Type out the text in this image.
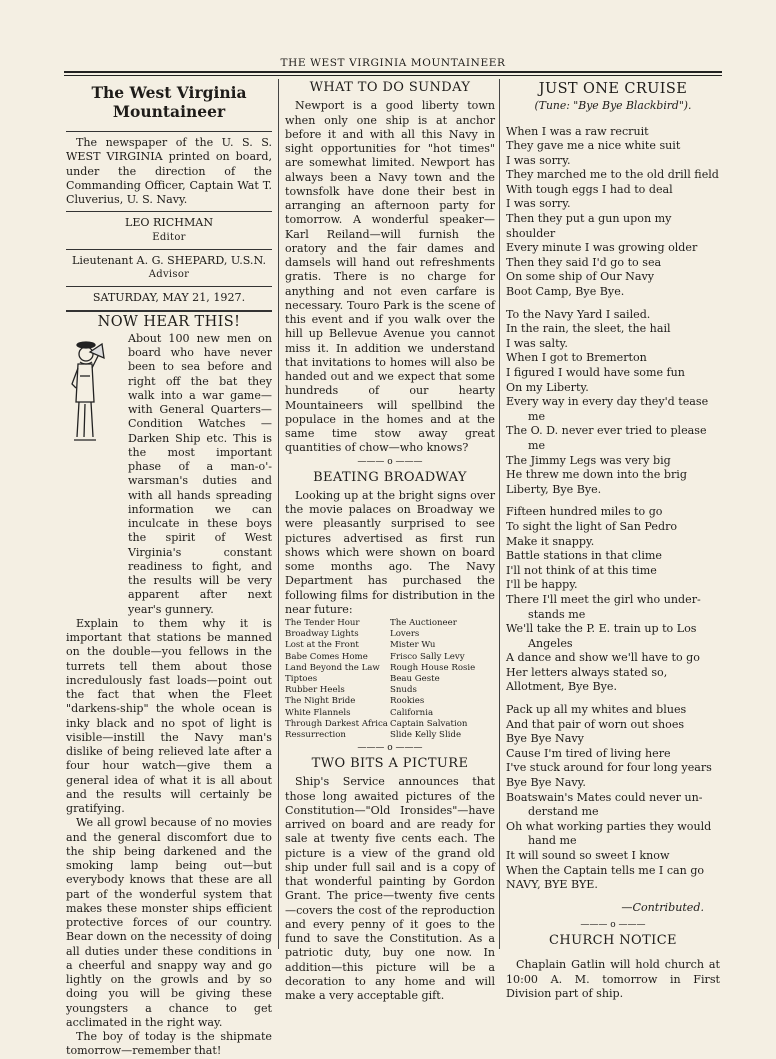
THE WEST VIRGINIA MOUNTAINEER
The West Virginia Mountaineer

The newspaper of the U. S. S. WEST VIRGINIA printed on board, under the direction of the Commanding Officer, Captain Wat T. Cluverius, U. S. Navy.

LEO RICHMAN
Editor
Lieutenant A. G. SHEPARD, U.S.N.
Advisor
SATURDAY, MAY 21, 1927.
NOW HEAR THIS!

About 100 new men on board who have never been to sea before and right off the bat they walk into a war game—with General Quarters—Condition Watches — Darken Ship etc. This is the most important phase of a man-o'-warsman's duties and with all hands spreading information we can inculcate in these boys the spirit of West Virginia's constant readiness to fight, and the results will be very apparent after next year's gunnery.

Explain to them why it is important that stations be manned on the double—you fellows in the turrets tell them about those incredulously fast loads—point out the fact that when the Fleet "darkens-ship" the whole ocean is inky black and no spot of light is visible—instill the Navy man's dislike of being relieved late after a four hour watch—give them a general idea of what it is all about and the results will certainly be gratifying.

We all growl because of no movies and the general discomfort due to the ship being darkened and the smoking lamp being out—but everybody knows that these are all part of the wonderful system that makes these monster ships efficient protective forces of our country. Bear down on the necessity of doing all duties under these conditions in a cheerful and snappy way and go lightly on the growls and by so doing you will be giving these youngsters a chance to get acclimated in the right way.

The boy of today is the shipmate tomorrow—remember that!

WHAT TO DO SUNDAY

Newport is a good liberty town when only one ship is at anchor before it and with all this Navy in sight opportunities for "hot times" are somewhat limited. Newport has always been a Navy town and the townsfolk have done their best in arranging an afternoon party for tomorrow. A wonderful speaker—Karl Reiland—will furnish the oratory and the fair dames and damsels will hand out refreshments gratis. There is no charge for anything and not even carfare is necessary. Touro Park is the scene of this event and if you walk over the hill up Bellevue Avenue you cannot miss it. In addition we understand that invitations to homes will also be handed out and we expect that some hundreds of our hearty Mountaineers will spellbind the populace in the homes and at the same time stow away great quantities of chow—who knows?

——— o ———
BEATING BROADWAY

Looking up at the bright signs over the movie palaces on Broadway we were pleasantly surprised to see pictures advertised as first run shows which were shown on board some months ago. The Navy Department has purchased the following films for distribution in the near future:

The Tender Hour
Broadway Lights
Lost at the Front
Babe Comes Home
Land Beyond the Law
Tiptoes
Rubber Heels
The Night Bride
White Flannels
Through Darkest Africa
Ressurrection
The Auctioneer
Lovers
Mister Wu
Frisco Sally Levy
Rough House Rosie
Beau Geste
Snuds
Rookies
California
Captain Salvation
Slide Kelly Slide
——— o ———
TWO BITS A PICTURE

Ship's Service announces that those long awaited pictures of the Constitution—"Old Ironsides"—have arrived on board and are ready for sale at twenty five cents each. The picture is a view of the grand old ship under full sail and is a copy of that wonderful painting by Gordon Grant. The price—twenty five cents—covers the cost of the reproduction and every penny of it goes to the fund to save the Constitution. As a patriotic duty, buy one now. In addition—this picture will be a decoration to any home and will make a very acceptable gift.

JUST ONE CRUISE
(Tune: "Bye Bye Blackbird").
When I was a raw recruit
They gave me a nice white suit
I was sorry.
They marched me to the old drill field
With tough eggs I had to deal
I was sorry.
Then they put a gun upon my shoulder
Every minute I was growing older
Then they said I'd go to sea
On some ship of Our Navy
Boot Camp, Bye Bye.
To the Navy Yard I sailed.
In the rain, the sleet, the hail
I was salty.
When I got to Bremerton
I figured I would have some fun
On my Liberty.
Every way in every day they'd tease
me
The O. D. never ever tried to please
me
The Jimmy Legs was very big
He threw me down into the brig
Liberty, Bye Bye.
Fifteen hundred miles to go
To sight the light of San Pedro
Make it snappy.
Battle stations in that clime
I'll not think of at this time
I'll be happy.
There I'll meet the girl who under-
stands me
We'll take the P. E. train up to Los
Angeles
A dance and show we'll have to go
Her letters always stated so,
Allotment, Bye Bye.
Pack up all my whites and blues
And that pair of worn out shoes
Bye Bye Navy
Cause I'm tired of living here
I've stuck around for four long years
Bye Bye Navy.
Boatswain's Mates could never un-
derstand me
Oh what working parties they would
hand me
It will sound so sweet I know
When the Captain tells me I can go
NAVY, BYE BYE.
—Contributed.
——— o ———
CHURCH NOTICE

Chaplain Gatlin will hold church at 10:00 A. M. tomorrow in First Division part of ship.
